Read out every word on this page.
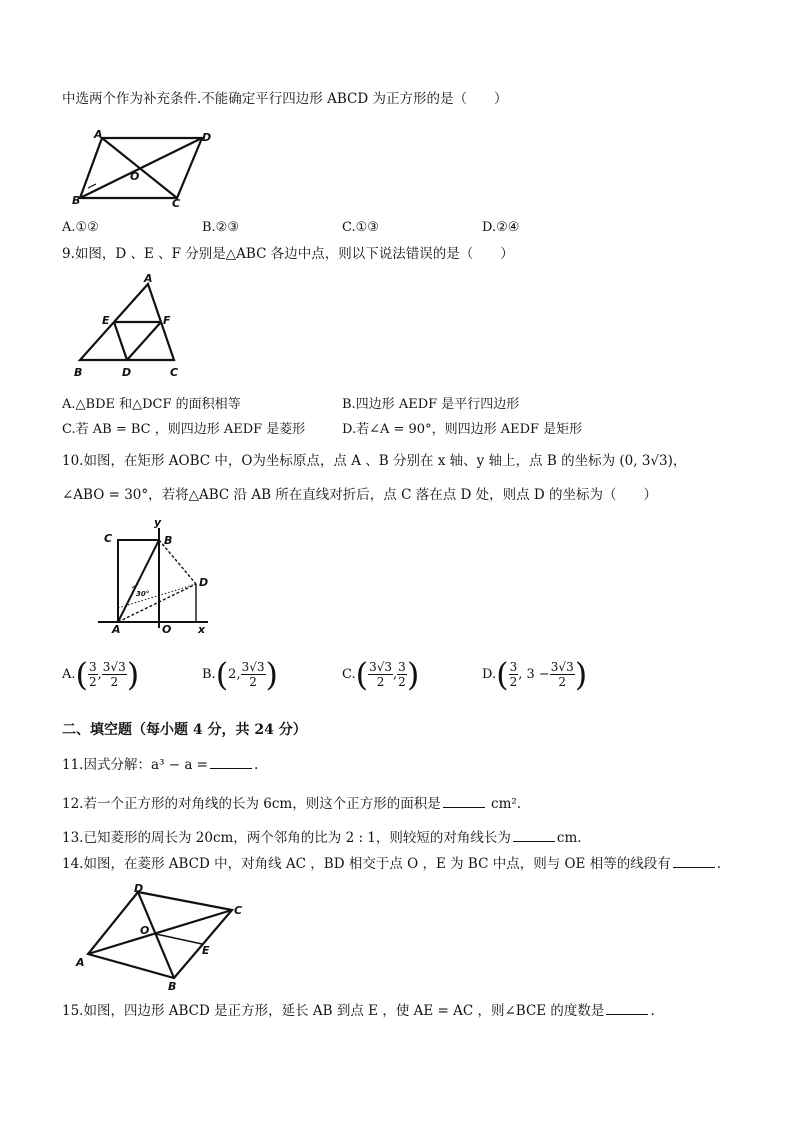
中选两个作为补充条件.不能确定平行四边形 ABCD 为正方形的是（　　）
A	D
B	C
O
A.①②	B.②③	C.①③	D.②④
9.如图，D 、E 、F 分别是△ABC 各边中点，则以下说法错误的是（　　）
A
E	F
B	D	C
A.△BDE 和△DCF 的面积相等	B.四边形 AEDF 是平行四边形
C.若 AB = BC ，则四边形 AEDF 是菱形	D.若∠A = 90°，则四边形 AEDF 是矩形
10.如图，在矩形 AOBC 中，O为坐标原点，点 A 、B 分别在 x 轴、y 轴上，点 B 的坐标为 (0, 3√3)，
∠ABO = 30°，若将△ABC 沿 AB 所在直线对折后，点 C 落在点 D 处，则点 D 的坐标为（　　）
C
y
B
D
A	O x
30°
$A.( \frac{3}{2}$ , $\frac{3√3}{2}$ )	B.(2, $\frac{3√3}{2}$ )	$C.( \frac{3√3}{2}$ , $\frac{3}{2}$ )	$D.( \frac{3}{2}$ , $3 - \frac{3√3}{2}$ )
二、填空题（每小题 4 分，共 24 分）
11.因式分解：a³ − a =	.
12.若一个正方形的对角线的长为 6cm，则这个正方形的面积是	cm².
13.已知菱形的周长为 20cm，两个邻角的比为 2 : 1，则较短的对角线长为	cm.
14.如图，在菱形 ABCD 中，对角线 AC ，BD 相交于点 O ，E 为 BC 中点，则与 OE 相等的线段有	.
D
C
O
E
A
B
15.如图，四边形 ABCD 是正方形，延长 AB 到点 E ，使 AE = AC ，则∠BCE 的度数是	.
